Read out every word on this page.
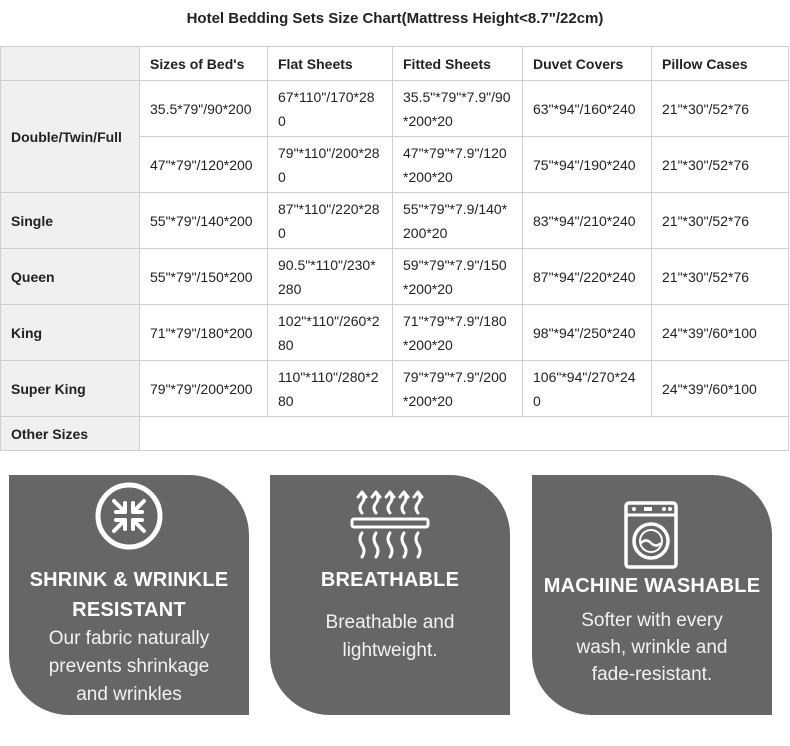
Hotel Bedding Sets Size Chart(Mattress Height<8.7"/22cm)
	Sizes of Bed's	Flat Sheets	Fitted Sheets	Duvet Covers	Pillow Cases
Double/Twin/Full	35.5*79"/90*200	67*110"/170*280	35.5"*79"*7.9"/90*200*20	63"*94"/160*240	21"*30"/52*76

	47"*79"/120*200	79"*110"/200*280	47"*79"*7.9"/120*200*20	75"*94"/190*240	21"*30"/52*76

Single	55"*79"/140*200	87"*110"/220*280	55"*79"*7.9/140*200*20	83"*94"/210*240	21"*30"/52*76

Queen	55"*79"/150*200	90.5"*110"/230*280	59"*79"*7.9"/150*200*20	87"*94"/220*240	21"*30"/52*76

King	71"*79"/180*200	102"*110"/260*280	71"*79"*7.9"/180*200*20	98"*94"/250*240	24"*39"/60*100

Super King	79"*79"/200*200	110"*110"/280*280	79"*79"*7.9"/200*200*20	106"*94"/270*240	24"*39"/60*100

Other Sizes					
SHRINK & WRINKLE
RESISTANT
Our fabric naturally
prevents shrinkage
and wrinkles
BREATHABLE
Breathable and
lightweight.
MACHINE WASHABLE
Softer with every
wash, wrinkle and
fade-resistant.
